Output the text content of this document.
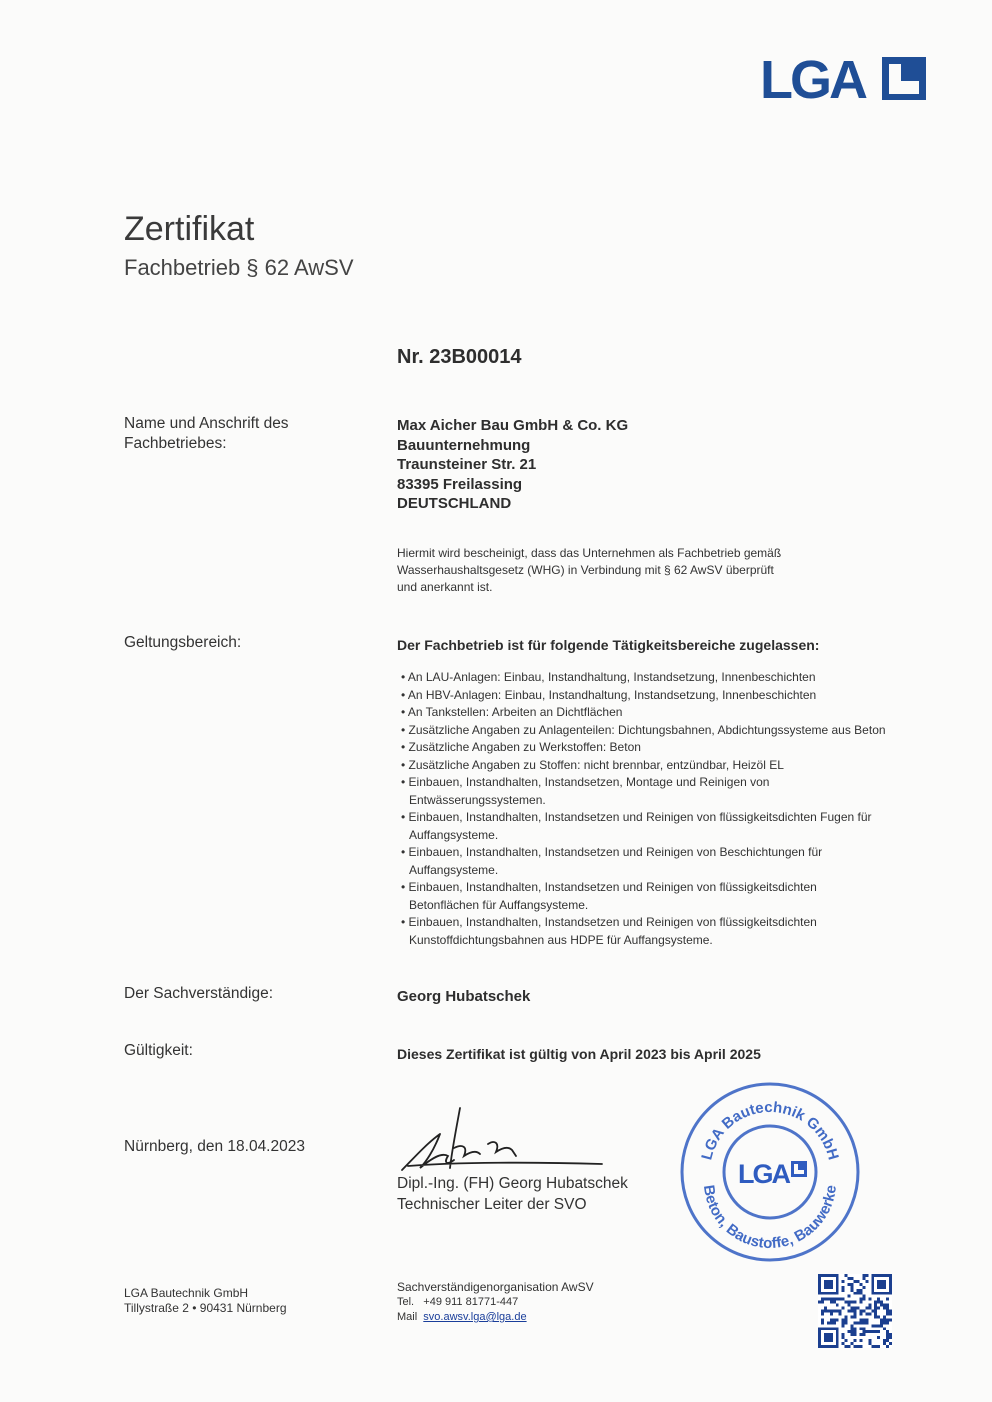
LGA
Zertifikat
Fachbetrieb § 62 AwSV
Nr. 23B00014
Name und Anschrift des
Fachbetriebes:
Max Aicher Bau GmbH & Co. KG
Bauunternehmung
Traunsteiner Str. 21
83395 Freilassing
DEUTSCHLAND
Hiermit wird bescheinigt, dass das Unternehmen als Fachbetrieb gemäß
Wasserhaushaltsgesetz (WHG) in Verbindung mit § 62 AwSV überprüft
und anerkannt ist.
Geltungsbereich:	Der Fachbetrieb ist für folgende Tätigkeitsbereiche zugelassen:
• An LAU-Anlagen: Einbau, Instandhaltung, Instandsetzung, Innenbeschichten
• An HBV-Anlagen: Einbau, Instandhaltung, Instandsetzung, Innenbeschichten
• An Tankstellen: Arbeiten an Dichtflächen
• Zusätzliche Angaben zu Anlagenteilen: Dichtungsbahnen, Abdichtungssysteme aus Beton
• Zusätzliche Angaben zu Werkstoffen: Beton
• Zusätzliche Angaben zu Stoffen: nicht brennbar, entzündbar, Heizöl EL
• Einbauen, Instandhalten, Instandsetzen, Montage und Reinigen von Entwässerungssystemen.
• Einbauen, Instandhalten, Instandsetzen und Reinigen von flüssigkeitsdichten Fugen für Auffangsysteme.
• Einbauen, Instandhalten, Instandsetzen und Reinigen von Beschichtungen für Auffangsysteme.
• Einbauen, Instandhalten, Instandsetzen und Reinigen von flüssigkeitsdichten Betonflächen für Auffangsysteme.
• Einbauen, Instandhalten, Instandsetzen und Reinigen von flüssigkeitsdichten Kunstoffdichtungsbahnen aus HDPE für Auffangsysteme.
Der Sachverständige:	Georg Hubatschek
Gültigkeit:	Dieses Zertifikat ist gültig von April 2023 bis April 2025
Nürnberg, den 18.04.2023
Dipl.-Ing. (FH) Georg Hubatschek
Technischer Leiter der SVO
LGA Bautechnik GmbH
Beton, Baustoffe, Bauwerke
LGA
LGA Bautechnik GmbH
Tillystraße 2 • 90431 Nürnberg
Sachverständigenorganisation AwSV
Tel. +49 911 81771-447
Mail svo.awsv.lga@lga.de
